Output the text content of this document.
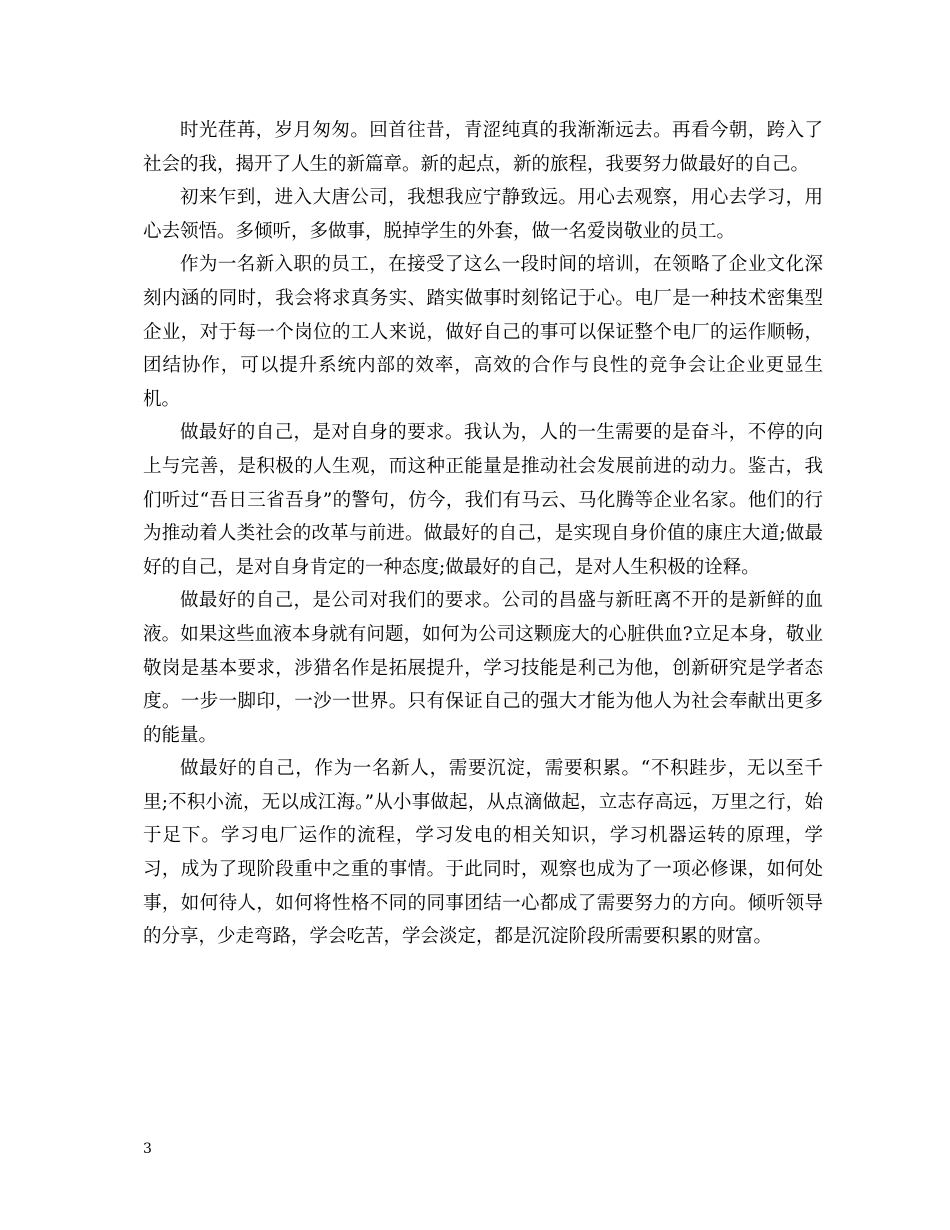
时光荏苒，岁月匆匆。回首往昔，青涩纯真的我渐渐远去。再看今朝，跨入了社会的我，揭开了人生的新篇章。新的起点，新的旅程，我要努力做最好的自己。

初来乍到，进入大唐公司，我想我应宁静致远。用心去观察，用心去学习，用心去领悟。多倾听，多做事，脱掉学生的外套，做一名爱岗敬业的员工。

作为一名新入职的员工，在接受了这么一段时间的培训，在领略了企业文化深刻内涵的同时，我会将求真务实、踏实做事时刻铭记于心。电厂是一种技术密集型企业，对于每一个岗位的工人来说，做好自己的事可以保证整个电厂的运作顺畅，团结协作，可以提升系统内部的效率，高效的合作与良性的竞争会让企业更显生机。

做最好的自己，是对自身的要求。我认为，人的一生需要的是奋斗，不停的向上与完善，是积极的人生观，而这种正能量是推动社会发展前进的动力。鉴古，我们听过“吾日三省吾身”的警句，仿今，我们有马云、马化腾等企业名家。他们的行为推动着人类社会的改革与前进。做最好的自己，是实现自身价值的康庄大道;做最好的自己，是对自身肯定的一种态度;做最好的自己，是对人生积极的诠释。

做最好的自己，是公司对我们的要求。公司的昌盛与新旺离不开的是新鲜的血液。如果这些血液本身就有问题，如何为公司这颗庞大的心脏供血?立足本身，敬业敬岗是基本要求，涉猎名作是拓展提升，学习技能是利己为他，创新研究是学者态度。一步一脚印，一沙一世界。只有保证自己的强大才能为他人为社会奉献出更多的能量。

做最好的自己，作为一名新人，需要沉淀，需要积累。“不积跬步，无以至千里;不积小流，无以成江海。”从小事做起，从点滴做起，立志存高远，万里之行，始于足下。学习电厂运作的流程，学习发电的相关知识，学习机器运转的原理，学习，成为了现阶段重中之重的事情。于此同时，观察也成为了一项必修课，如何处事，如何待人，如何将性格不同的同事团结一心都成了需要努力的方向。倾听领导的分享，少走弯路，学会吃苦，学会淡定，都是沉淀阶段所需要积累的财富。

3
